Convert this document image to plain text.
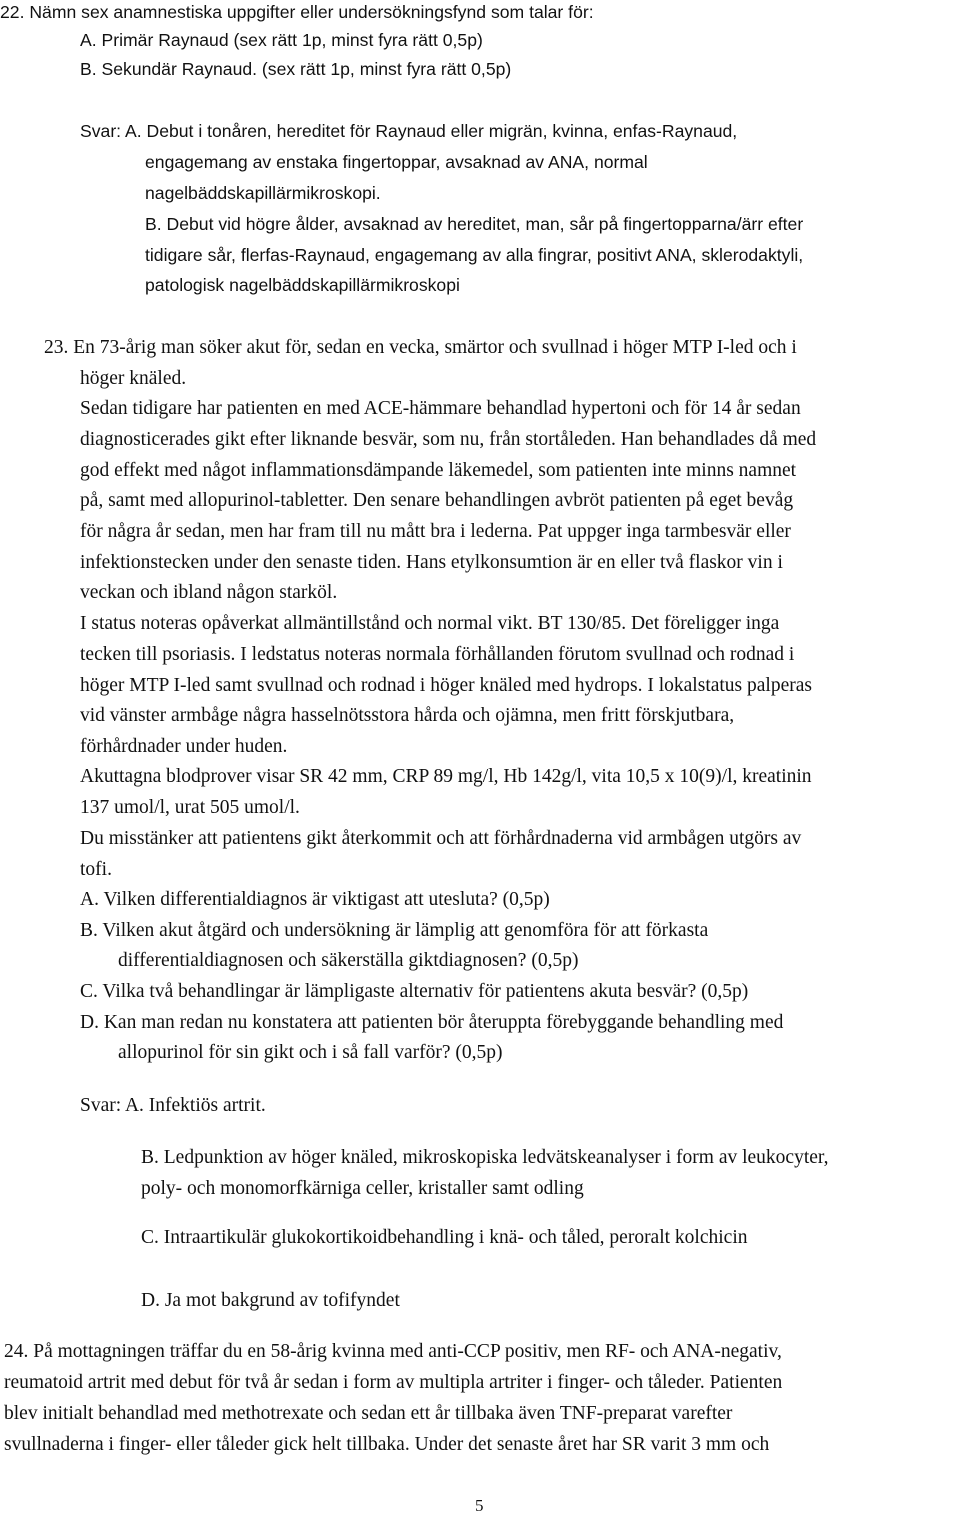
22. Nämn sex anamnestiska uppgifter eller undersökningsfynd som talar för:
A. Primär Raynaud (sex rätt 1p, minst fyra rätt 0,5p)
B. Sekundär Raynaud. (sex rätt 1p, minst fyra rätt 0,5p)
Svar: A. Debut i tonåren, hereditet för Raynaud eller migrän, kvinna, enfas-Raynaud,
engagemang av enstaka fingertoppar, avsaknad av ANA, normal
nagelbäddskapillärmikroskopi.
B. Debut vid högre ålder, avsaknad av hereditet, man, sår på fingertopparna/ärr efter
tidigare sår, flerfas-Raynaud, engagemang av alla fingrar, positivt ANA, sklerodaktyli,
patologisk nagelbäddskapillärmikroskopi
23. En 73-årig man söker akut för, sedan en vecka, smärtor och svullnad i höger MTP I-led och i
höger knäled.
Sedan tidigare har patienten en med ACE-hämmare behandlad hypertoni och för 14 år sedan
diagnosticerades gikt efter liknande besvär, som nu, från stortåleden. Han behandlades då med
god effekt med något inflammationsdämpande läkemedel, som patienten inte minns namnet
på, samt med allopurinol-tabletter. Den senare behandlingen avbröt patienten på eget bevåg
för några år sedan, men har fram till nu mått bra i lederna. Pat uppger inga tarmbesvär eller
infektionstecken under den senaste tiden. Hans etylkonsumtion är en eller två flaskor vin i
veckan och ibland någon starköl.
I status noteras opåverkat allmäntillstånd och normal vikt. BT 130/85. Det föreligger inga
tecken till psoriasis. I ledstatus noteras normala förhållanden förutom svullnad och rodnad i
höger MTP I-led samt svullnad och rodnad i höger knäled med hydrops. I lokalstatus palperas
vid vänster armbåge några hasselnötsstora hårda och ojämna, men fritt förskjutbara,
förhårdnader under huden.
Akuttagna blodprover visar SR 42 mm, CRP 89 mg/l, Hb 142g/l, vita 10,5 x 10(9)/l, kreatinin
137 umol/l, urat 505 umol/l.
Du misstänker att patientens gikt återkommit och att förhårdnaderna vid armbågen utgörs av
tofi.
A. Vilken differentialdiagnos är viktigast att utesluta? (0,5p)
B. Vilken akut åtgärd och undersökning är lämplig att genomföra för att förkasta
differentialdiagnosen och säkerställa giktdiagnosen? (0,5p)
C. Vilka två behandlingar är lämpligaste alternativ för patientens akuta besvär? (0,5p)
D. Kan man redan nu konstatera att patienten bör återuppta förebyggande behandling med
allopurinol för sin gikt och i så fall varför? (0,5p)
Svar: A. Infektiös artrit.
B. Ledpunktion av höger knäled, mikroskopiska ledvätskeanalyser i form av leukocyter,
poly- och monomorfkärniga celler, kristaller samt odling
C. Intraartikulär glukokortikoidbehandling i knä- och tåled, peroralt kolchicin
D. Ja mot bakgrund av tofifyndet
24. På mottagningen träffar du en 58-årig kvinna med anti-CCP positiv, men RF- och ANA-negativ,
reumatoid artrit med debut för två år sedan i form av multipla artriter i finger- och tåleder. Patienten
blev initialt behandlad med methotrexate och sedan ett år tillbaka även TNF-preparat varefter
svullnaderna i finger- eller tåleder gick helt tillbaka. Under det senaste året har SR varit 3 mm och
5
